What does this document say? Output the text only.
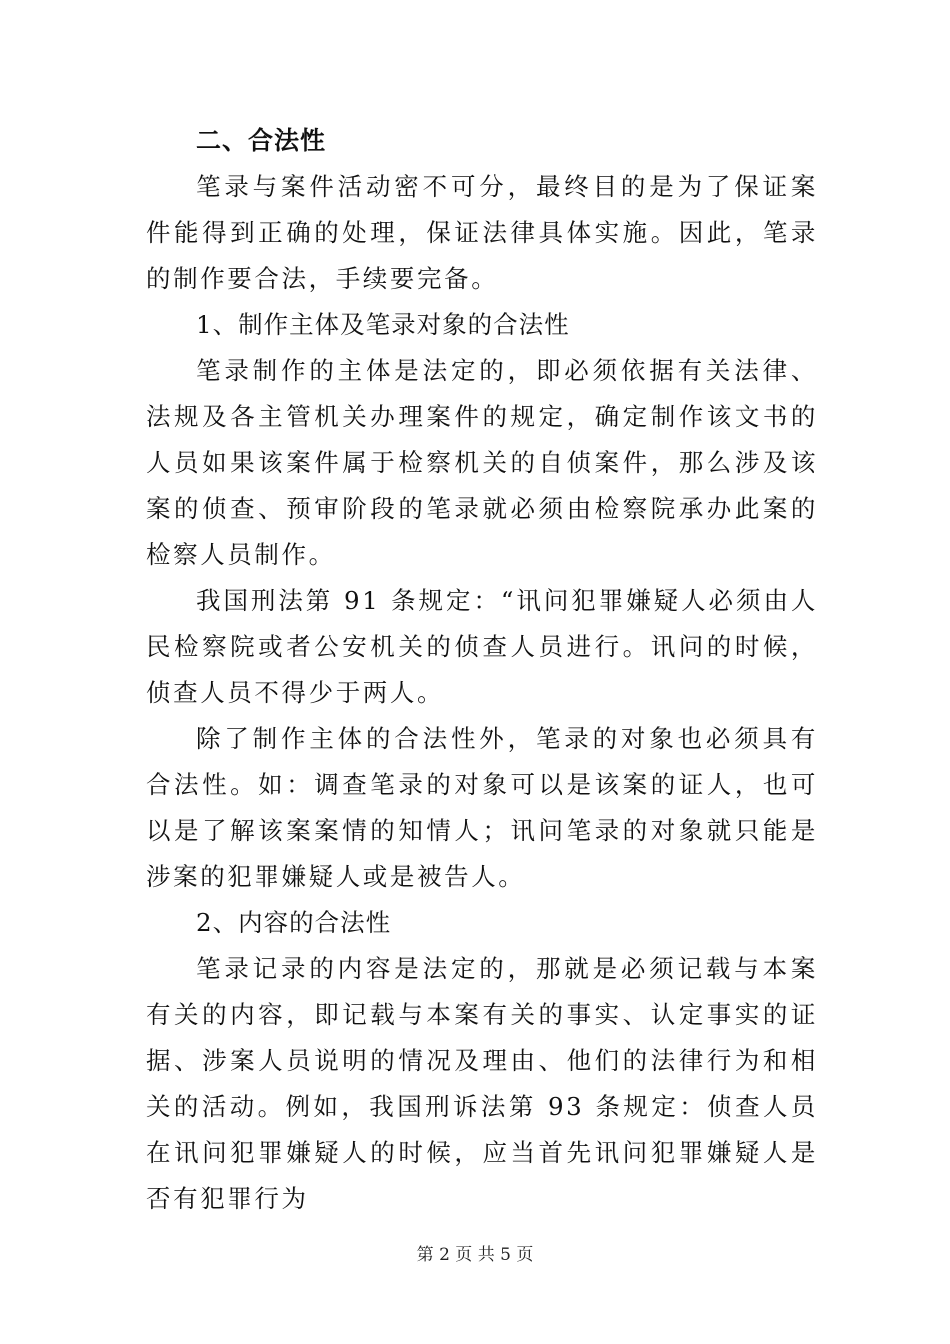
二、合法性

笔录与案件活动密不可分，最终目的是为了保证案件能得到正确的处理，保证法律具体实施。因此，笔录的制作要合法，手续要完备。

1、制作主体及笔录对象的合法性

笔录制作的主体是法定的，即必须依据有关法律、法规及各主管机关办理案件的规定，确定制作该文书的人员如果该案件属于检察机关的自侦案件，那么涉及该案的侦查、预审阶段的笔录就必须由检察院承办此案的检察人员制作。

我国刑法第 91 条规定：“讯问犯罪嫌疑人必须由人民检察院或者公安机关的侦查人员进行。讯问的时候，侦查人员不得少于两人。

除了制作主体的合法性外，笔录的对象也必须具有合法性。如：调查笔录的对象可以是该案的证人，也可以是了解该案案情的知情人；讯问笔录的对象就只能是涉案的犯罪嫌疑人或是被告人。

2、内容的合法性

笔录记录的内容是法定的，那就是必须记载与本案有关的内容，即记载与本案有关的事实、认定事实的证据、涉案人员说明的情况及理由、他们的法律行为和相关的活动。例如，我国刑诉法第 93 条规定：侦查人员在讯问犯罪嫌疑人的时候，应当首先讯问犯罪嫌疑人是否有犯罪行为

第 2 页 共 5 页
